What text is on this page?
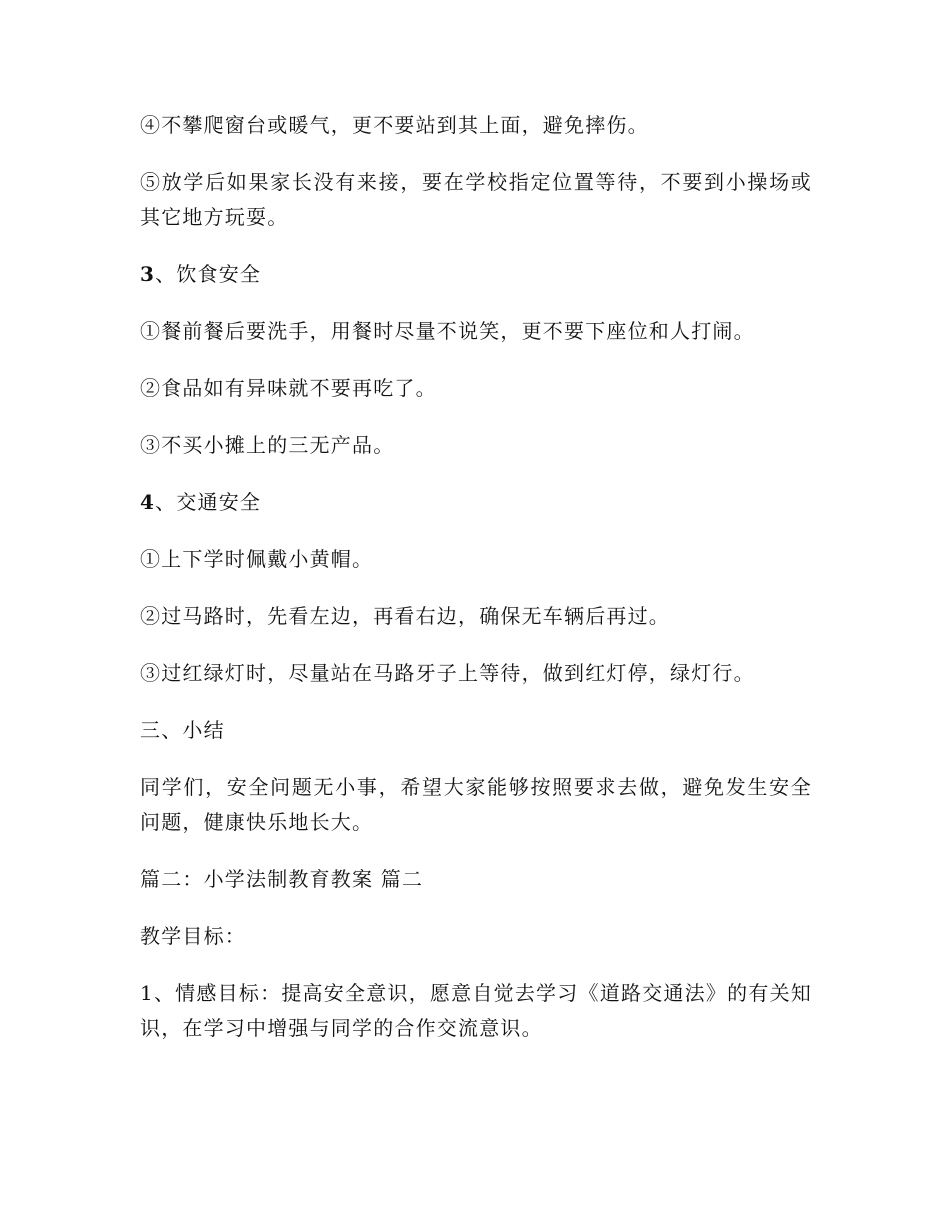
④不攀爬窗台或暖气，更不要站到其上面，避免摔伤。

⑤放学后如果家长没有来接，要在学校指定位置等待，不要到小操场或其它地方玩耍。

3、饮食安全

①餐前餐后要洗手，用餐时尽量不说笑，更不要下座位和人打闹。

②食品如有异味就不要再吃了。

③不买小摊上的三无产品。

4、交通安全

①上下学时佩戴小黄帽。

②过马路时，先看左边，再看右边，确保无车辆后再过。

③过红绿灯时，尽量站在马路牙子上等待，做到红灯停，绿灯行。

三、小结

同学们，安全问题无小事，希望大家能够按照要求去做，避免发生安全问题，健康快乐地长大。

篇二：小学法制教育教案 篇二

教学目标：

1、情感目标：提高安全意识，愿意自觉去学习《道路交通法》的有关知识，在学习中增强与同学的合作交流意识。
